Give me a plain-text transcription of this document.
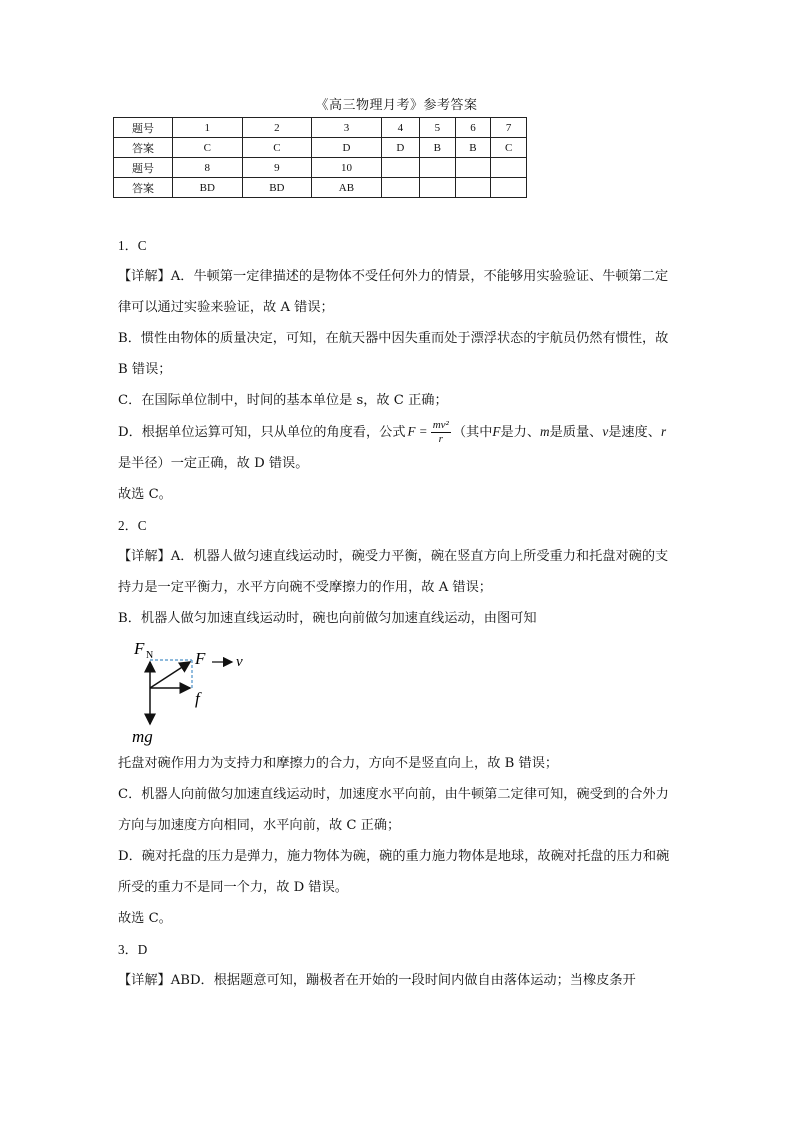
《高三物理月考》参考答案
题号	1	2	3	4	5	6	7
答案	C	C	D	D	B	B	C
题号	8	9	10				
答案	BD	BD	AB				

1．C

【详解】A．牛顿第一定律描述的是物体不受任何外力的情景，不能够用实验验证、牛顿第二定律可以通过实验来验证，故 A 错误；

B．惯性由物体的质量决定，可知，在航天器中因失重而处于漂浮状态的宇航员仍然有惯性，故 B 错误；

C．在国际单位制中，时间的基本单位是 s，故 C 正确；

D．根据单位运算可知，只从单位的角度看，公式 $F = \frac{\text{mv²}}{r}$ （其中F是力、m是质量、v是速度、r是半径）一定正确，故 D 错误。

故选 C。

2．C

【详解】A．机器人做匀速直线运动时，碗受力平衡，碗在竖直方向上所受重力和托盘对碗的支持力是一定平衡力，水平方向碗不受摩擦力的作用，故 A 错误；

B．机器人做匀加速直线运动时，碗也向前做匀加速直线运动，由图可知

F N F v
f
mg

托盘对碗作用力为支持力和摩擦力的合力，方向不是竖直向上，故 B 错误；

C．机器人向前做匀加速直线运动时，加速度水平向前，由牛顿第二定律可知，碗受到的合外力方向与加速度方向相同，水平向前，故 C 正确；

D．碗对托盘的压力是弹力，施力物体为碗，碗的重力施力物体是地球，故碗对托盘的压力和碗所受的重力不是同一个力，故 D 错误。

故选 C。

3．D

【详解】ABD．根据题意可知，蹦极者在开始的一段时间内做自由落体运动；当橡皮条开
